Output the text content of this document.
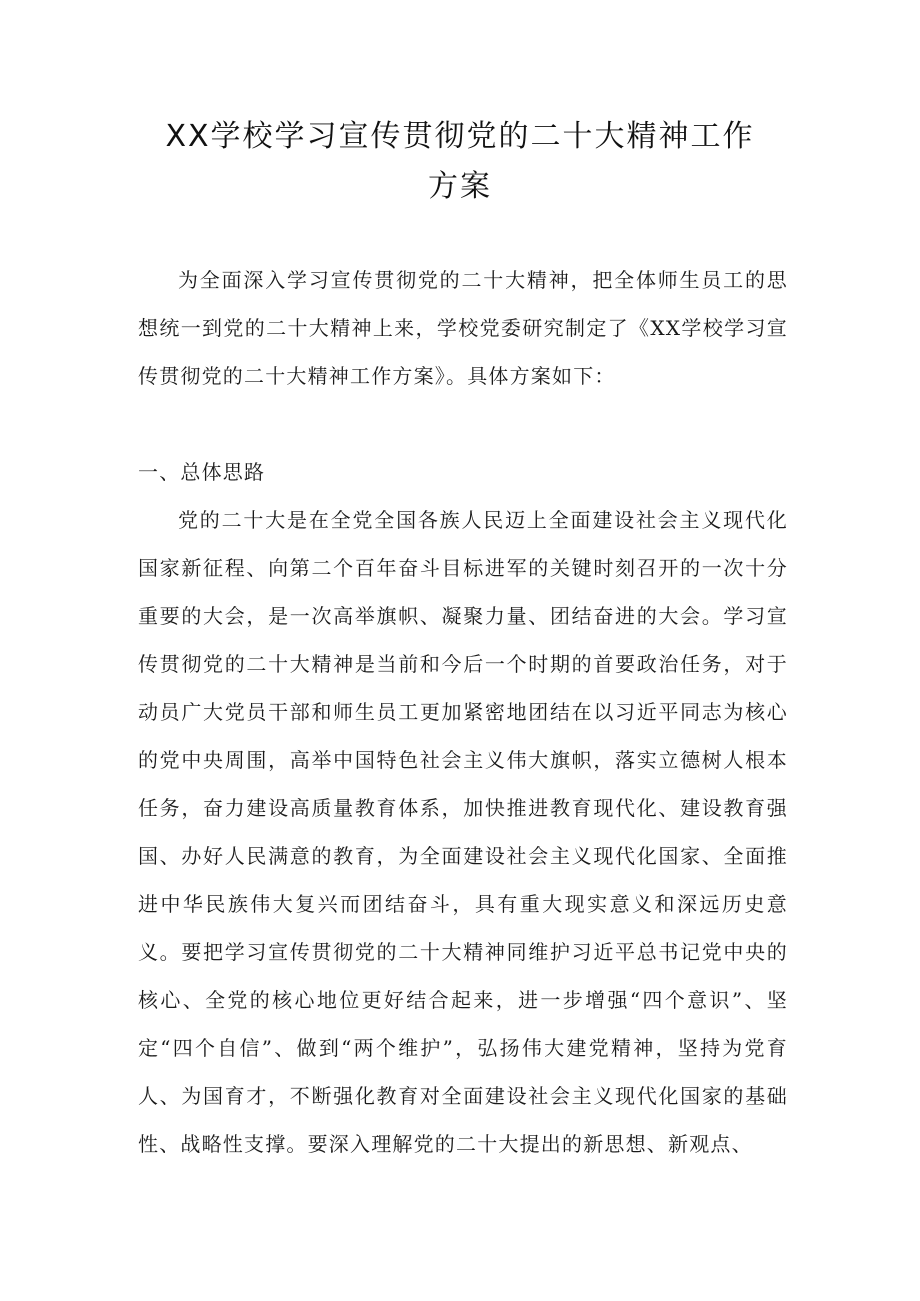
XX学校学习宣传贯彻党的二十大精神工作
方案

为全面深入学习宣传贯彻党的二十大精神，把全体师生员工的思想统一到党的二十大精神上来，学校党委研究制定了《XX学校学习宣传贯彻党的二十大精神工作方案》。具体方案如下：

一、总体思路

党的二十大是在全党全国各族人民迈上全面建设社会主义现代化国家新征程、向第二个百年奋斗目标进军的关键时刻召开的一次十分重要的大会，是一次高举旗帜、凝聚力量、团结奋进的大会。学习宣传贯彻党的二十大精神是当前和今后一个时期的首要政治任务，对于动员广大党员干部和师生员工更加紧密地团结在以习近平同志为核心的党中央周围，高举中国特色社会主义伟大旗帜，落实立德树人根本任务，奋力建设高质量教育体系，加快推进教育现代化、建设教育强国、办好人民满意的教育，为全面建设社会主义现代化国家、全面推进中华民族伟大复兴而团结奋斗，具有重大现实意义和深远历史意义。要把学习宣传贯彻党的二十大精神同维护习近平总书记党中央的核心、全党的核心地位更好结合起来，进一步增强“四个意识”、坚定“四个自信”、做到“两个维护”，弘扬伟大建党精神，坚持为党育人、为国育才，不断强化教育对全面建设社会主义现代化国家的基础性、战略性支撑。要深入理解党的二十大提出的新思想、新观点、
